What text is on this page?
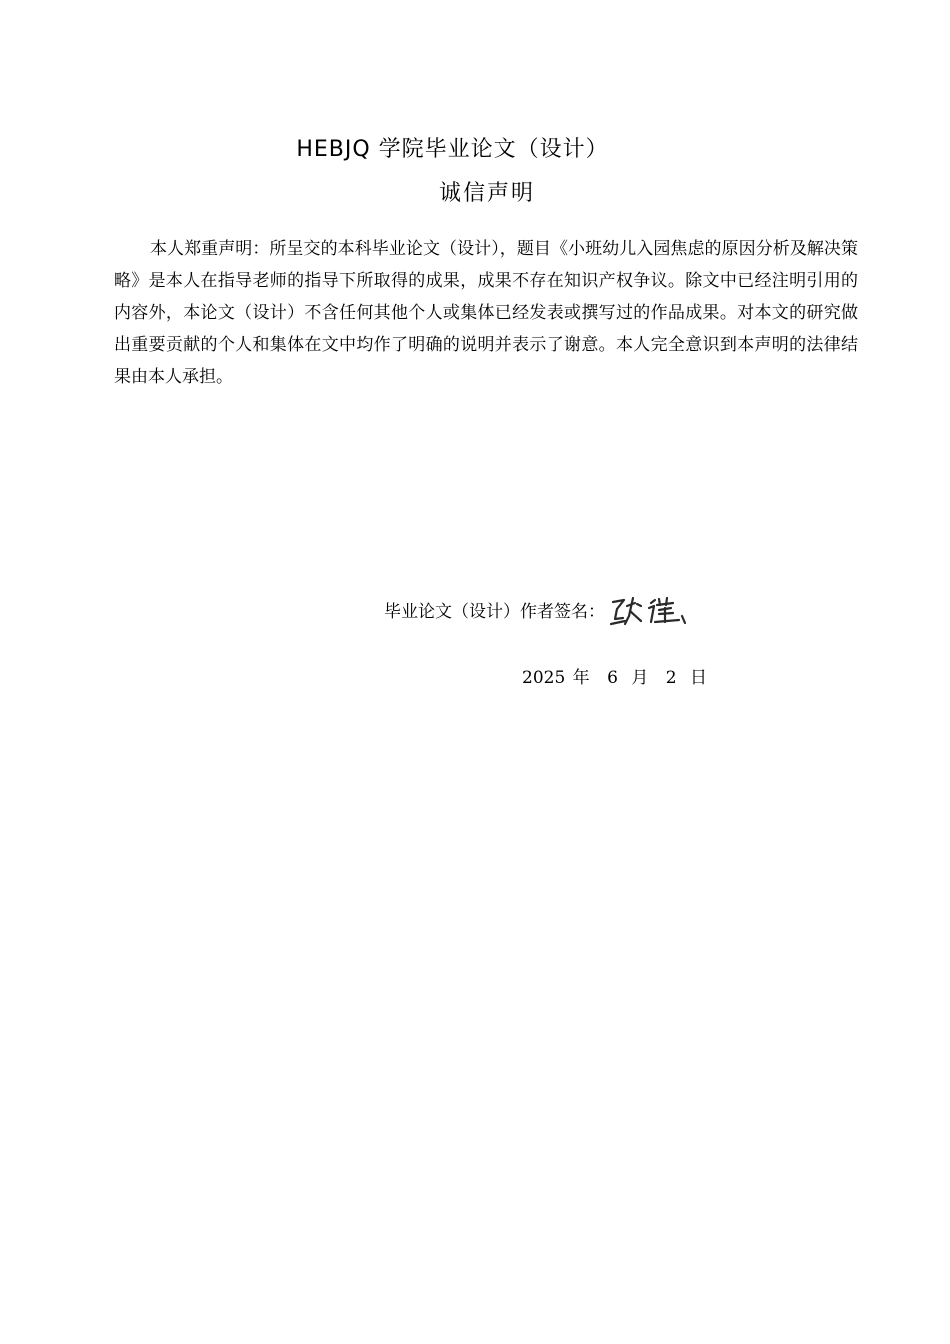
HEBJQ 学院毕业论文（设计）
诚信声明

本人郑重声明：所呈交的本科毕业论文（设计），题目《小班幼儿入园焦虑的原因分析及解决策略》是本人在指导老师的指导下所取得的成果，成果不存在知识产权争议。除文中已经注明引用的内容外，本论文（设计）不含任何其他个人或集体已经发表或撰写过的作品成果。对本文的研究做出重要贡献的个人和集体在文中均作了明确的说明并表示了谢意。本人完全意识到本声明的法律结果由本人承担。

毕业论文（设计）作者签名：
2025 年 6 月 2 日
